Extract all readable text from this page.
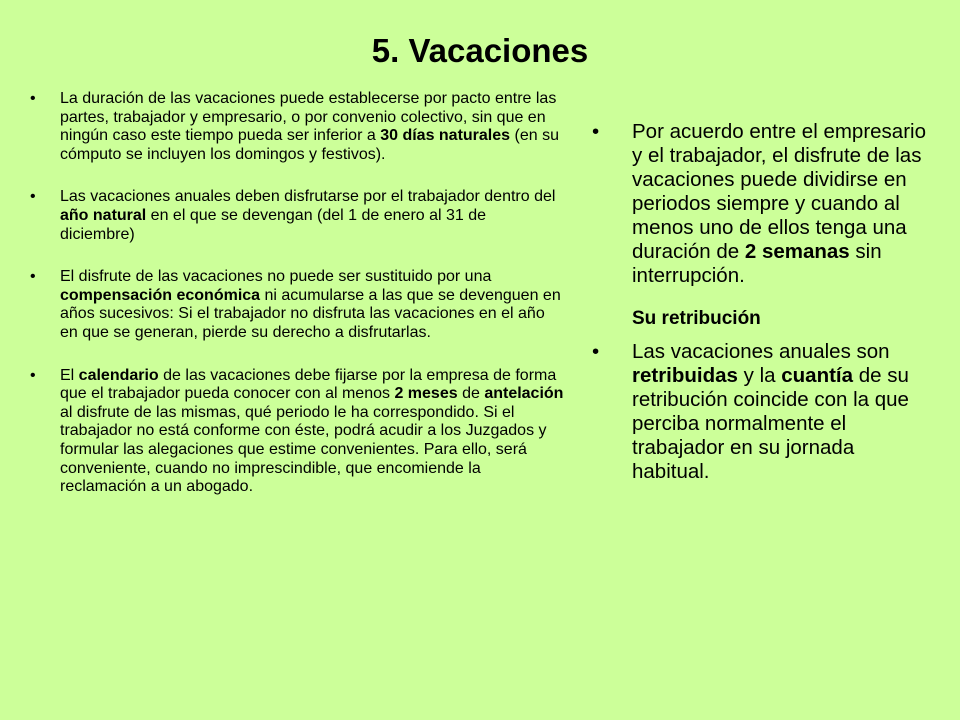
5. Vacaciones
• La duración de las vacaciones puede establecerse por pacto entre las partes, trabajador y empresario, o por convenio colectivo, sin que en ningún caso este tiempo pueda ser inferior a 30 días naturales (en su cómputo se incluyen los domingos y festivos).
• Las vacaciones anuales deben disfrutarse por el trabajador dentro del año natural en el que se devengan (del 1 de enero al 31 de diciembre)
• El disfrute de las vacaciones no puede ser sustituido por una compensación económica ni acumularse a las que se devenguen en años sucesivos: Si el trabajador no disfruta las vacaciones en el año en que se generan, pierde su derecho a disfrutarlas.
• El calendario de las vacaciones debe fijarse por la empresa de forma que el trabajador pueda conocer con al menos 2 meses de antelación al disfrute de las mismas, qué periodo le ha correspondido. Si el trabajador no está conforme con éste, podrá acudir a los Juzgados y formular las alegaciones que estime convenientes. Para ello, será conveniente, cuando no imprescindible, que encomiende la reclamación a un abogado.
• Por acuerdo entre el empresario y el trabajador, el disfrute de las vacaciones puede dividirse en periodos siempre y cuando al menos uno de ellos tenga una duración de 2 semanas sin interrupción.
Su retribución
• Las vacaciones anuales son retribuidas y la cuantía de su retribución coincide con la que perciba normalmente el trabajador en su jornada habitual.
